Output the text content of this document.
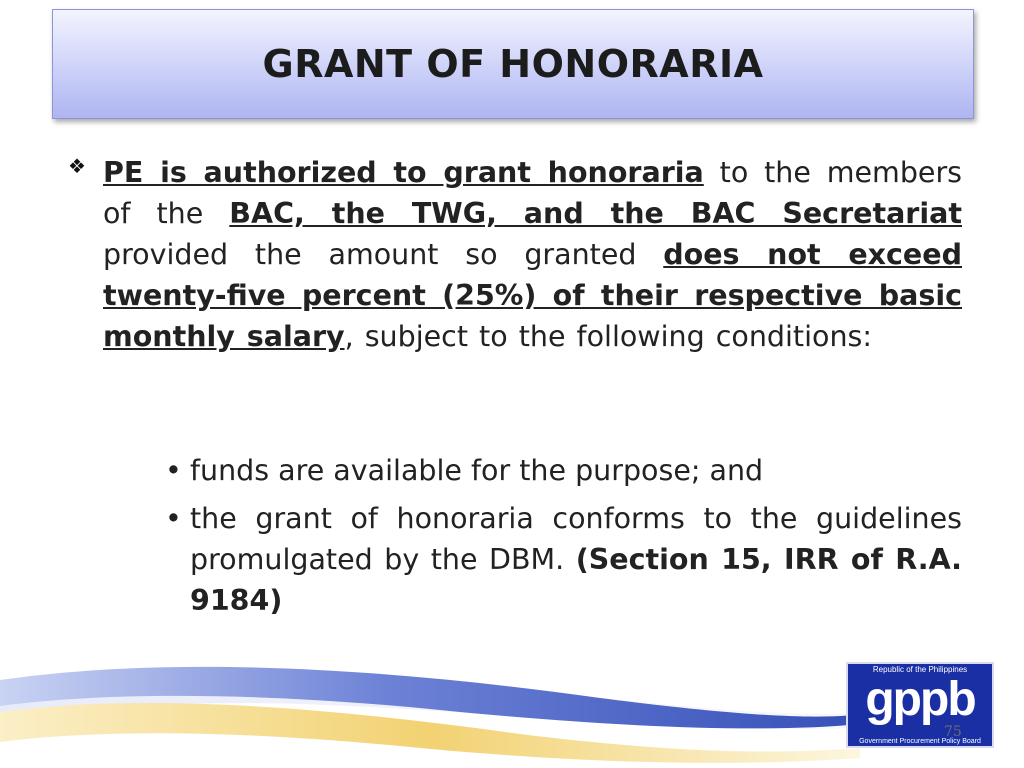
GRANT OF HONORARIA
❖ PE is authorized to grant honoraria to the members of the BAC, the TWG, and the BAC Secretariat provided the amount so granted does not exceed twenty-five percent (25%) of their respective basic monthly salary, subject to the following conditions:

• funds are available for the purpose; and
• the grant of honoraria conforms to the guidelines promulgated by the DBM. (Section 15, IRR of R.A. 9184)
Republic of the Philippines
gppb
Government Procurement Policy Board
75
